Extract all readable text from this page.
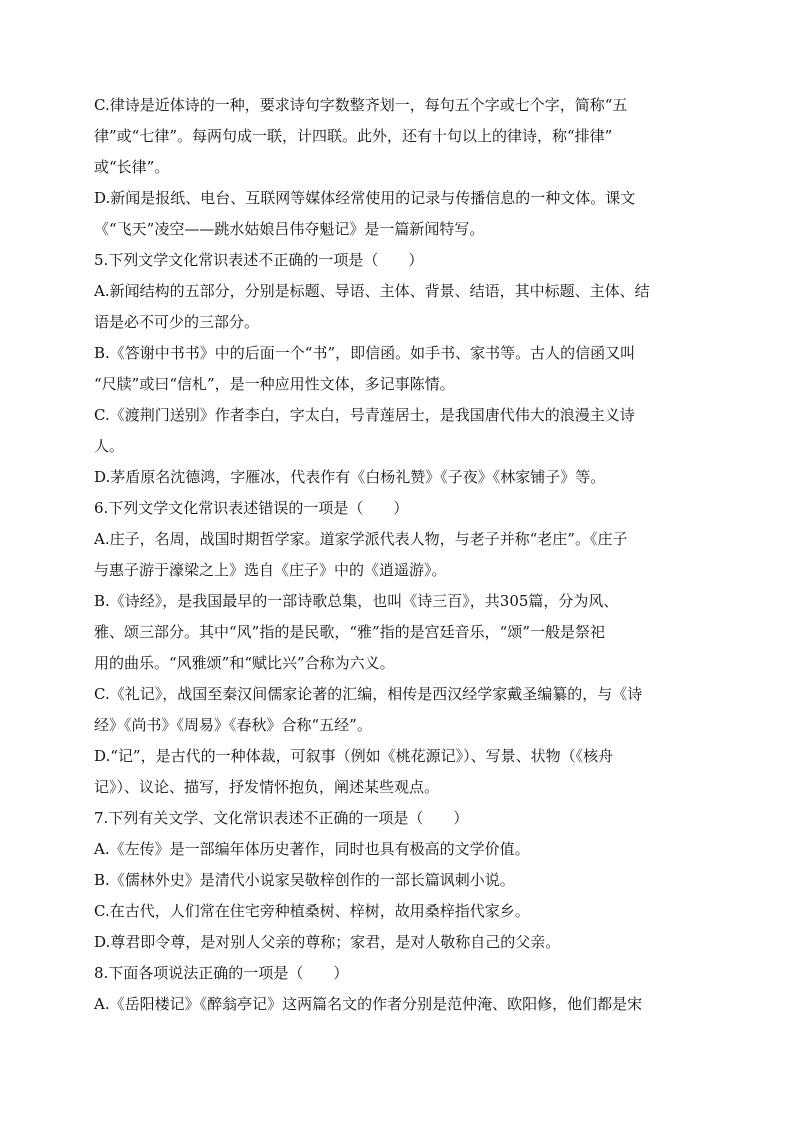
C.律诗是近体诗的一种，要求诗句字数整齐划一，每句五个字或七个字，简称“五
律”或“七律”。每两句成一联，计四联。此外，还有十句以上的律诗，称“排律”
或“长律”。
D.新闻是报纸、电台、互联网等媒体经常使用的记录与传播信息的一种文体。课文
《“飞天”凌空——跳水姑娘吕伟夺魁记》是一篇新闻特写。
5.下列文学文化常识表述不正确的一项是（　　）
A.新闻结构的五部分，分别是标题、导语、主体、背景、结语，其中标题、主体、结
语是必不可少的三部分。
B.《答谢中书书》中的后面一个“书”，即信函。如手书、家书等。古人的信函又叫
“尺牍”或曰“信札”，是一种应用性文体，多记事陈情。
C.《渡荆门送别》作者李白，字太白，号青莲居士，是我国唐代伟大的浪漫主义诗
人。
D.茅盾原名沈德鸿，字雁冰，代表作有《白杨礼赞》《子夜》《林家铺子》等。
6.下列文学文化常识表述错误的一项是（　　）
A.庄子，名周，战国时期哲学家。道家学派代表人物，与老子并称“老庄”。《庄子
与惠子游于濠梁之上》选自《庄子》中的《逍遥游》。
B.《诗经》，是我国最早的一部诗歌总集，也叫《诗三百》，共305篇，分为风、
雅、颂三部分。其中“风”指的是民歌，“雅”指的是宫廷音乐，“颂”一般是祭祀
用的曲乐。“风雅颂”和“赋比兴”合称为六义。
C.《礼记》，战国至秦汉间儒家论著的汇编，相传是西汉经学家戴圣编纂的，与《诗
经》《尚书》《周易》《春秋》合称“五经”。
D.“记”，是古代的一种体裁，可叙事（例如《桃花源记》）、写景、状物（《核舟
记》）、议论、描写，抒发情怀抱负，阐述某些观点。
7.下列有关文学、文化常识表述不正确的一项是（　　）
A.《左传》是一部编年体历史著作，同时也具有极高的文学价值。
B.《儒林外史》是清代小说家吴敬梓创作的一部长篇讽刺小说。
C.在古代，人们常在住宅旁种植桑树、梓树，故用桑梓指代家乡。
D.尊君即令尊，是对别人父亲的尊称；家君，是对人敬称自己的父亲。
8.下面各项说法正确的一项是（　　）
A.《岳阳楼记》《醉翁亭记》这两篇名文的作者分别是范仲淹、欧阳修，他们都是宋
